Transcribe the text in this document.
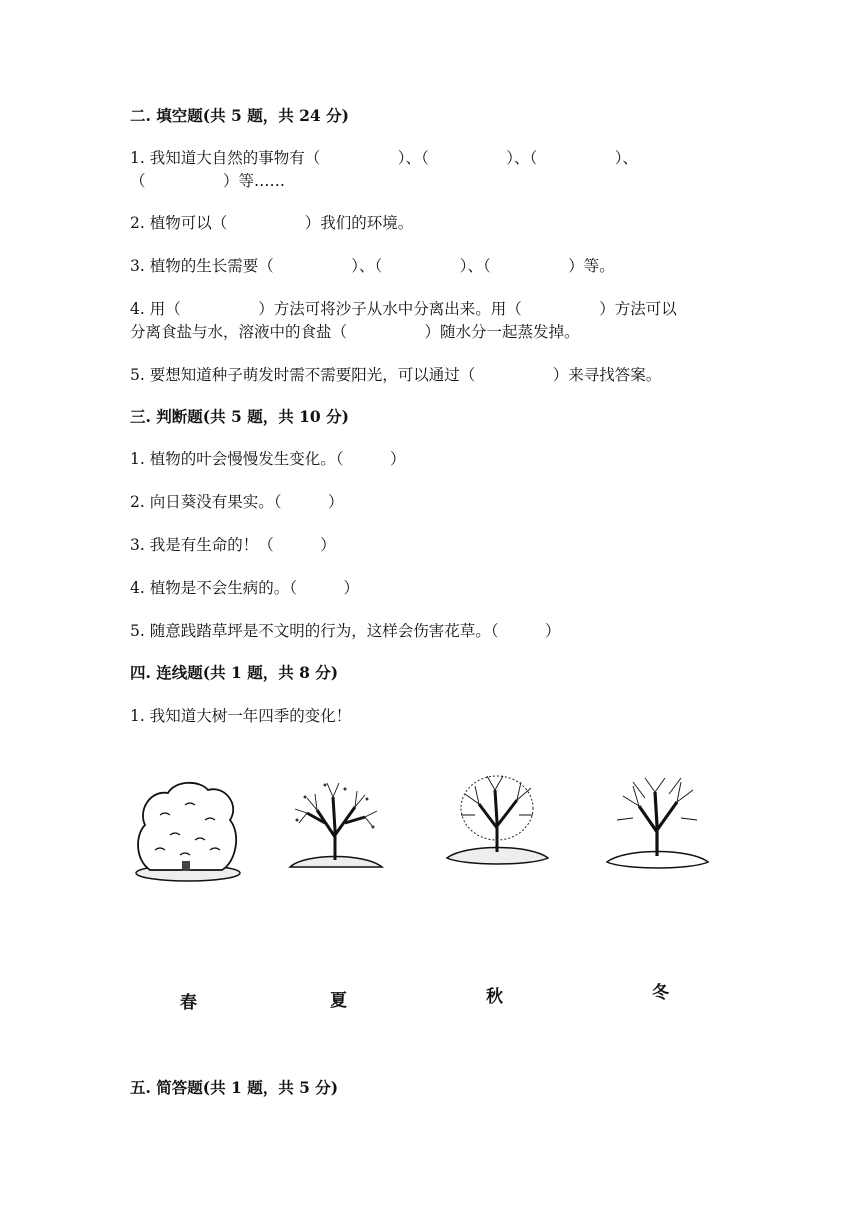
二. 填空题(共 5 题，共 24 分)
1. 我知道大自然的事物有（　　　　　）、（　　　　　）、（　　　　　）、
（　　　　　）等……
2. 植物可以（　　　　　）我们的环境。
3. 植物的生长需要（　　　　　）、（　　　　　）、（　　　　　）等。
4. 用（　　　　　）方法可将沙子从水中分离出来。用（　　　　　）方法可以
分离食盐与水，溶液中的食盐（　　　　　）随水分一起蒸发掉。
5. 要想知道种子萌发时需不需要阳光，可以通过（　　　　　）来寻找答案。
三. 判断题(共 5 题，共 10 分)
1. 植物的叶会慢慢发生变化。（　　　）
2. 向日葵没有果实。（　　　）
3. 我是有生命的！（　　　）
4. 植物是不会生病的。（　　　）
5. 随意践踏草坪是不文明的行为，这样会伤害花草。（　　　）
四. 连线题(共 1 题，共 8 分)
1. 我知道大树一年四季的变化！
春	夏	秋	冬
五. 简答题(共 1 题，共 5 分)
